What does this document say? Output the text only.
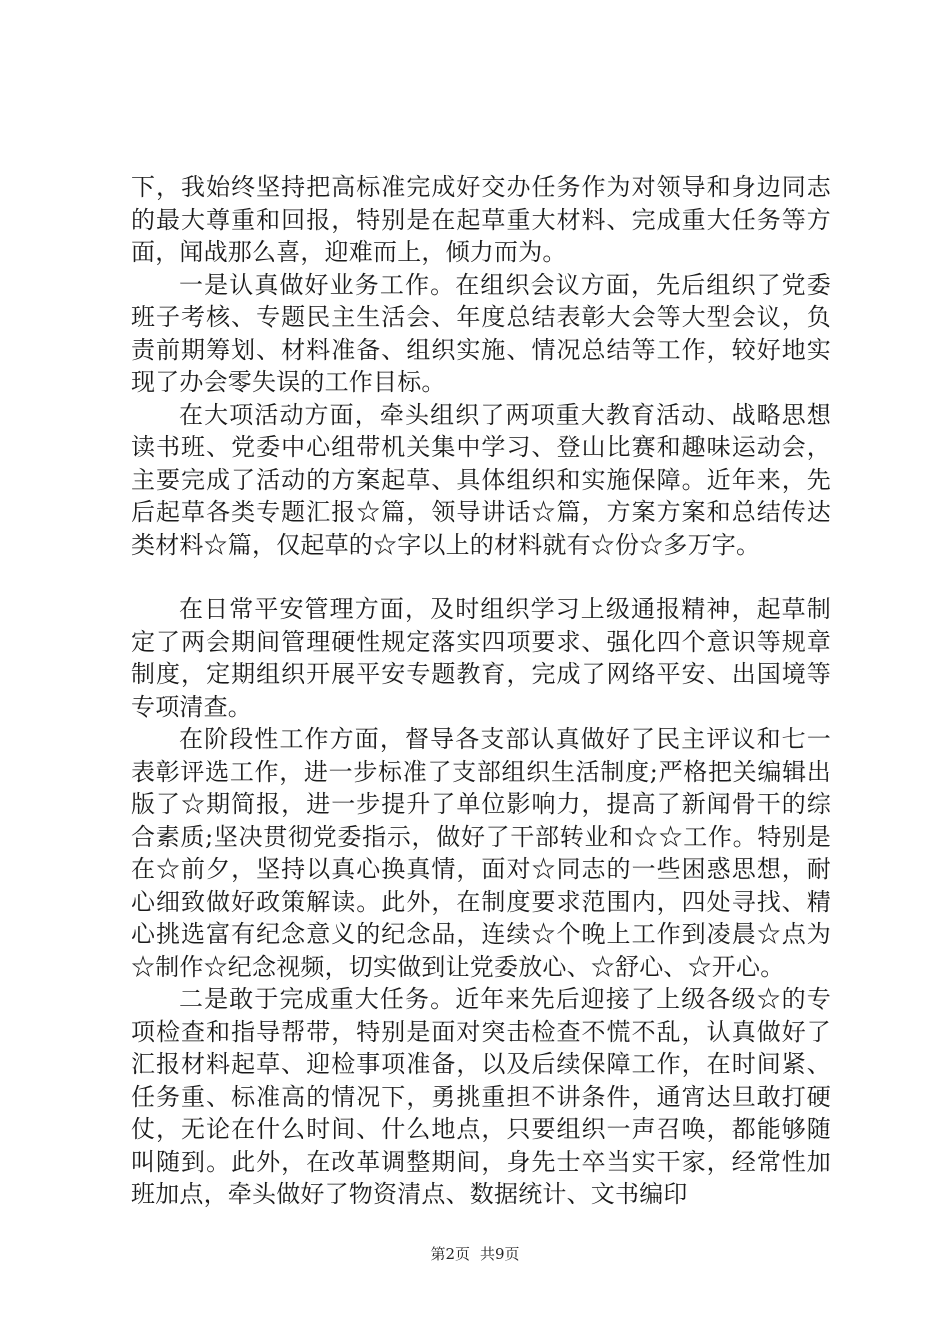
下，我始终坚持把高标准完成好交办任务作为对领导和身边同志的最大尊重和回报，特别是在起草重大材料、完成重大任务等方面，闻战那么喜，迎难而上，倾力而为。

一是认真做好业务工作。在组织会议方面，先后组织了党委班子考核、专题民主生活会、年度总结表彰大会等大型会议，负责前期筹划、材料准备、组织实施、情况总结等工作，较好地实现了办会零失误的工作目标。

在大项活动方面，牵头组织了两项重大教育活动、战略思想读书班、党委中心组带机关集中学习、登山比赛和趣味运动会，主要完成了活动的方案起草、具体组织和实施保障。近年来，先后起草各类专题汇报☆篇，领导讲话☆篇，方案方案和总结传达类材料☆篇，仅起草的☆字以上的材料就有☆份☆多万字。

在日常平安管理方面，及时组织学习上级通报精神，起草制定了两会期间管理硬性规定落实四项要求、强化四个意识等规章制度，定期组织开展平安专题教育，完成了网络平安、出国境等专项清查。

在阶段性工作方面，督导各支部认真做好了民主评议和七一表彰评选工作，进一步标准了支部组织生活制度;严格把关编辑出版了☆期简报，进一步提升了单位影响力，提高了新闻骨干的综合素质;坚决贯彻党委指示，做好了干部转业和☆☆工作。特别是在☆前夕，坚持以真心换真情，面对☆同志的一些困惑思想，耐心细致做好政策解读。此外，在制度要求范围内，四处寻找、精心挑选富有纪念意义的纪念品，连续☆个晚上工作到凌晨☆点为☆制作☆纪念视频，切实做到让党委放心、☆舒心、☆开心。

二是敢于完成重大任务。近年来先后迎接了上级各级☆的专项检查和指导帮带，特别是面对突击检查不慌不乱，认真做好了汇报材料起草、迎检事项准备，以及后续保障工作，在时间紧、任务重、标准高的情况下，勇挑重担不讲条件，通宵达旦敢打硬仗，无论在什么时间、什么地点，只要组织一声召唤，都能够随叫随到。此外，在改革调整期间，身先士卒当实干家，经常性加班加点，牵头做好了物资清点、数据统计、文书编印

第2页 共9页
